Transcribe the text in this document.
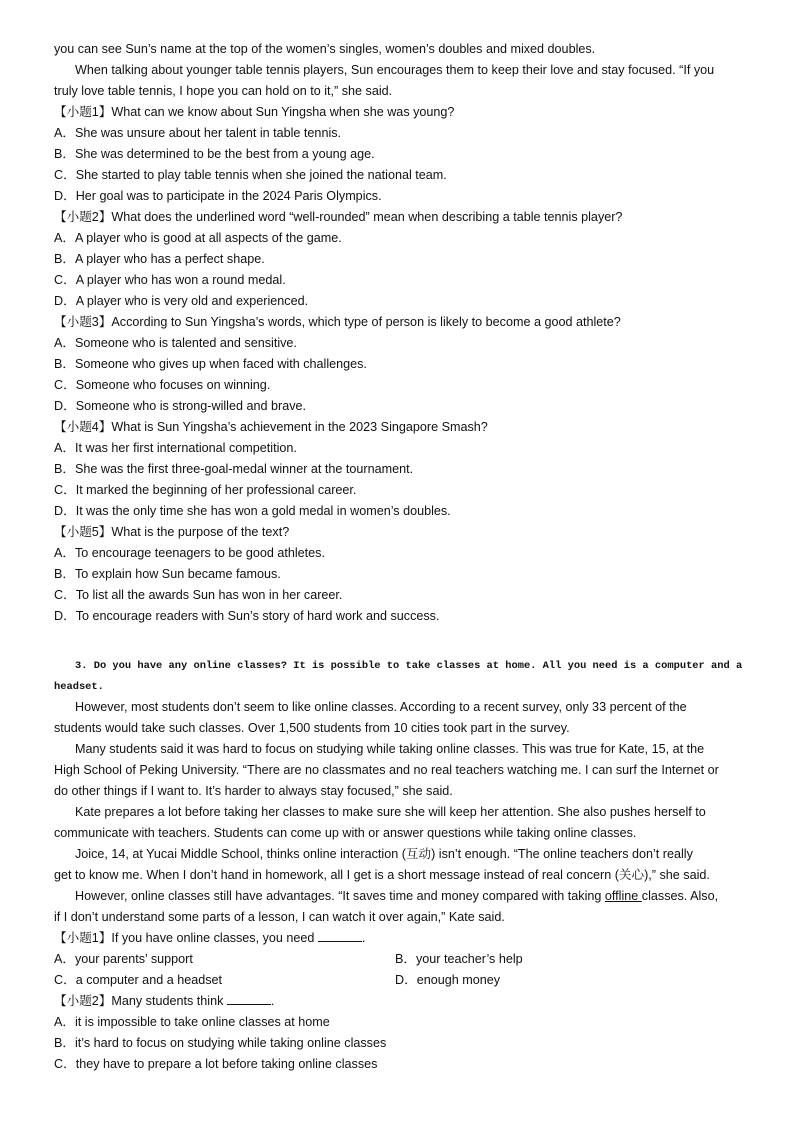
you can see Sun’s name at the top of the women’s singles, women’s doubles and mixed doubles.
When talking about younger table tennis players, Sun encourages them to keep their love and stay focused. “If you
truly love table tennis, I hope you can hold on to it,” she said.
【小题1】What can we know about Sun Yingsha when she was young?
A．She was unsure about her talent in table tennis.
B．She was determined to be the best from a young age.
C．She started to play table tennis when she joined the national team.
D．Her goal was to participate in the 2024 Paris Olympics.
【小题2】What does the underlined word “well-rounded” mean when describing a table tennis player?
A．A player who is good at all aspects of the game.
B．A player who has a perfect shape.
C．A player who has won a round medal.
D．A player who is very old and experienced.
【小题3】According to Sun Yingsha’s words, which type of person is likely to become a good athlete?
A．Someone who is talented and sensitive.
B．Someone who gives up when faced with challenges.
C．Someone who focuses on winning.
D．Someone who is strong-willed and brave.
【小题4】What is Sun Yingsha’s achievement in the 2023 Singapore Smash?
A．It was her first international competition.
B．She was the first three-goal-medal winner at the tournament.
C．It marked the beginning of her professional career.
D．It was the only time she has won a gold medal in women’s doubles.
【小题5】What is the purpose of the text?
A．To encourage teenagers to be good athletes.
B．To explain how Sun became famous.
C．To list all the awards Sun has won in her career.
D．To encourage readers with Sun’s story of hard work and success.
3. Do you have any online classes? It is possible to take classes at home. All you need is a computer and a
headset.
However, most students don’t seem to like online classes. According to a recent survey, only 33 percent of the
students would take such classes. Over 1,500 students from 10 cities took part in the survey.
Many students said it was hard to focus on studying while taking online classes. This was true for Kate, 15, at the
High School of Peking University. “There are no classmates and no real teachers watching me. I can surf the Internet or
do other things if I want to. It’s harder to always stay focused,” she said.
Kate prepares a lot before taking her classes to make sure she will keep her attention. She also pushes herself to
communicate with teachers. Students can come up with or answer questions while taking online classes.
Joice, 14, at Yucai Middle School, thinks online interaction (互动) isn’t enough. “The online teachers don’t really
get to know me. When I don’t hand in homework, all I get is a short message instead of real concern (关心),” she said.
However, online classes still have advantages. “It saves time and money compared with taking offline classes. Also,
if I don’t understand some parts of a lesson, I can watch it over again,” Kate said.
【小题1】If you have online classes, you need	.
A．your parents’ support	B．your teacher’s help
C．a computer and a headset	D．enough money
【小题2】Many students think	.
A．it is impossible to take online classes at home
B．it’s hard to focus on studying while taking online classes
C．they have to prepare a lot before taking online classes
